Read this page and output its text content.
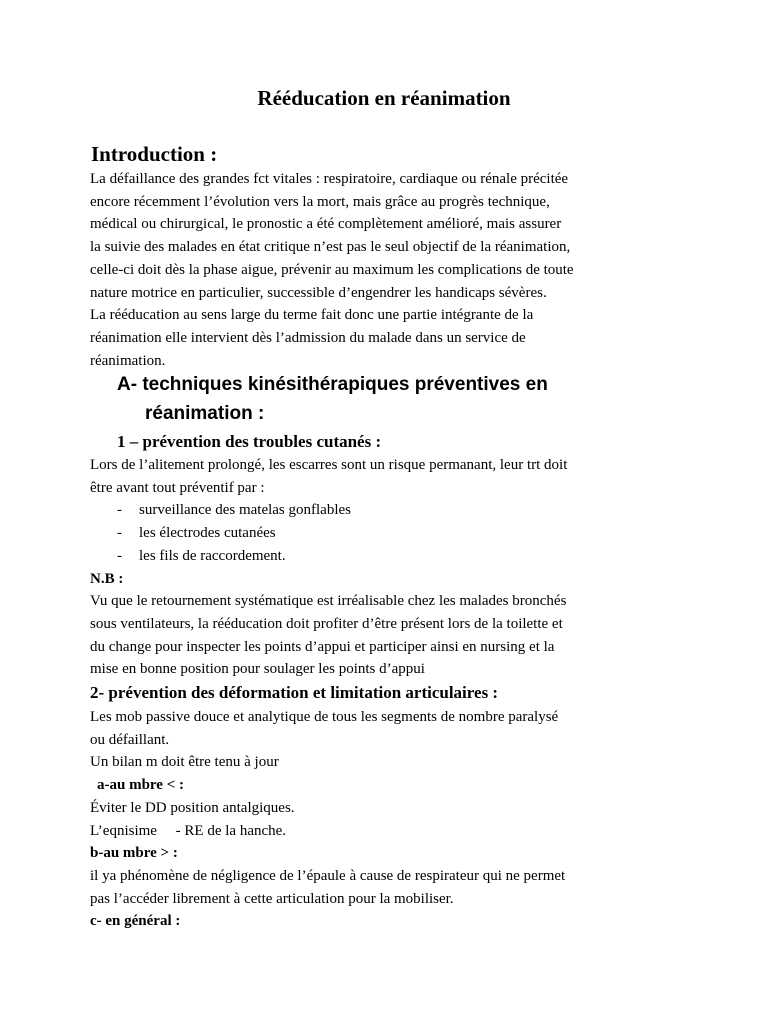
Rééducation en réanimation
Introduction :
La défaillance des grandes fct vitales : respiratoire, cardiaque ou rénale précitée
encore récemment l’évolution vers la mort, mais grâce au progrès technique,
médical ou chirurgical, le pronostic a été complètement amélioré, mais assurer
la suivie des malades en état critique n’est pas le seul objectif de la réanimation,
celle-ci doit dès la phase aigue, prévenir au maximum les complications de toute
nature motrice en particulier, successible d’engendrer les handicaps sévères.
La rééducation au sens large du terme fait donc une partie intégrante de la
réanimation elle intervient dès l’admission du malade dans un service de
réanimation.
A- techniques kinésithérapiques préventives en
réanimation :
1 – prévention des troubles cutanés :
Lors de l’alitement prolongé, les escarres sont un risque permanant, leur trt doit
être avant tout préventif par :
- surveillance des matelas gonflables
- les électrodes cutanées
- les fils de raccordement.
N.B :
Vu que le retournement systématique est irréalisable chez les malades bronchés
sous ventilateurs, la rééducation doit profiter d’être présent lors de la toilette et
du change pour inspecter les points d’appui et participer ainsi en nursing et la
mise en bonne position pour soulager les points d’appui
2- prévention des déformation et limitation articulaires :
Les mob passive douce et analytique de tous les segments de nombre paralysé
ou défaillant.
Un bilan m doit être tenu à jour
a-au mbre < :
Éviter le DD position antalgiques.
L’eqnisime     - RE de la hanche.
b-au mbre > :
il ya phénomène de négligence de l’épaule à cause de respirateur qui ne permet
pas l’accéder librement à cette articulation pour la mobiliser.
c- en général :
